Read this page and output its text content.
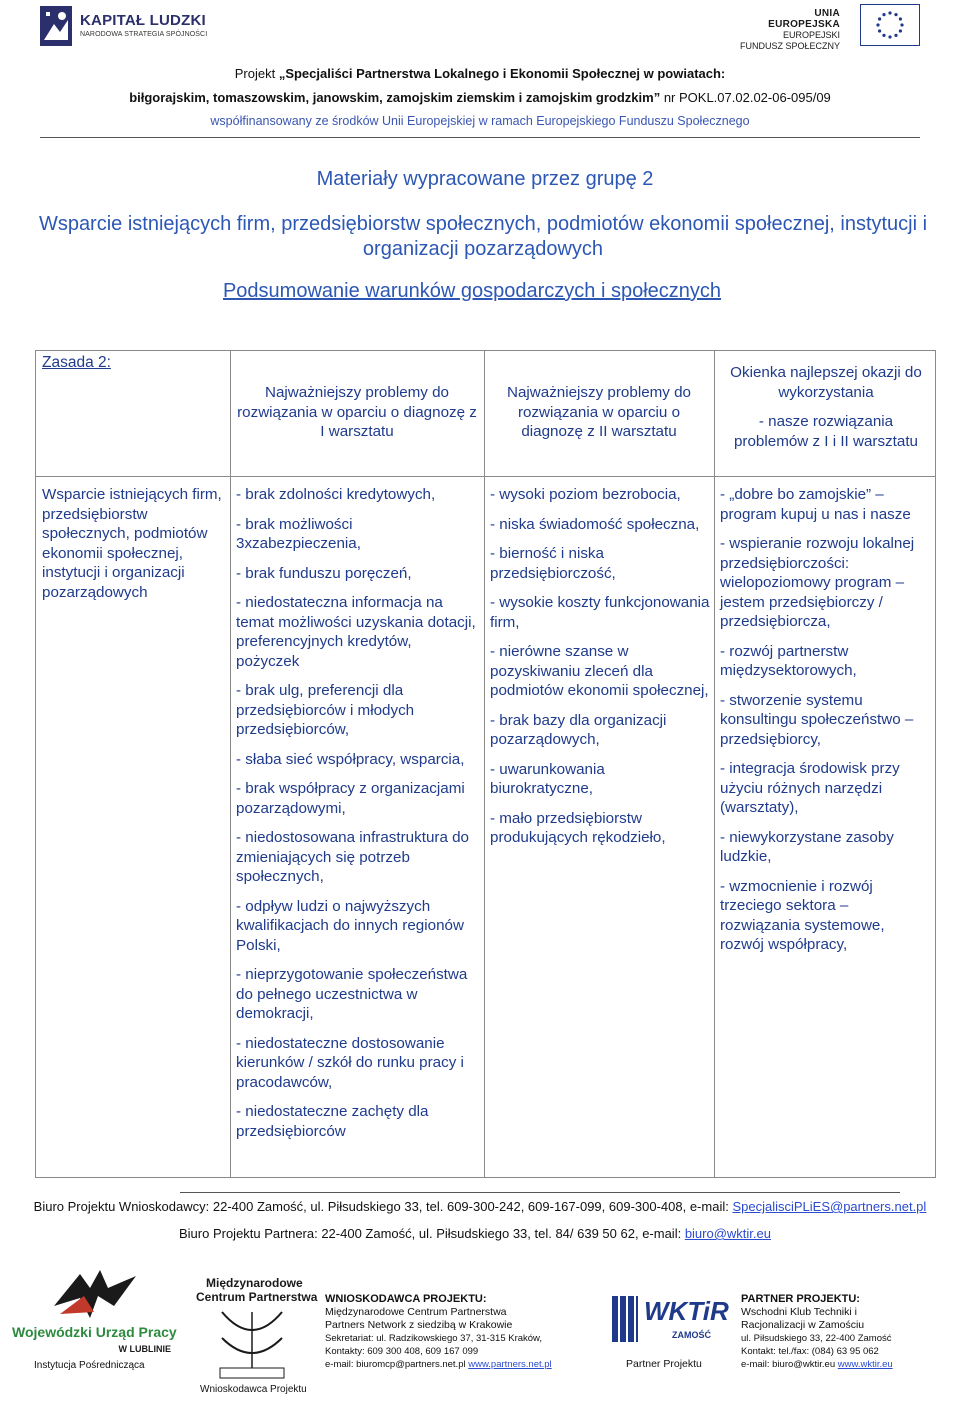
KAPITAŁ LUDZKI
NARODOWA STRATEGIA SPÓJNOŚCI
UNIA EUROPEJSKA
EUROPEJSKI
FUNDUSZ SPOŁECZNY
Projekt „Specjaliści Partnerstwa Lokalnego i Ekonomii Społecznej w powiatach:
biłgorajskim, tomaszowskim, janowskim, zamojskim ziemskim i zamojskim grodzkim” nr POKL.07.02.02-06-095/09
współfinansowany ze środków Unii Europejskiej w ramach Europejskiego Funduszu Społecznego
Materiały wypracowane przez grupę 2
Wsparcie istniejących firm, przedsiębiorstw społecznych, podmiotów ekonomii społecznej, instytucji i organizacji pozarządowych
Podsumowanie warunków gospodarczych i społecznych
Zasada 2:
Najważniejszy problemy do rozwiązania w oparciu o diagnozę z I warsztatu
Najważniejszy problemy do rozwiązania w oparciu o diagnozę z II warsztatu

Okienka najlepszej okazji do wykorzystania

- nasze rozwiązania problemów z I i II warsztatu

Wsparcie istniejących firm, przedsiębiorstw społecznych, podmiotów ekonomii społecznej, instytucji i organizacji pozarządowych

- brak zdolności kredytowych,

- brak możliwości 3xzabezpieczenia,

- brak funduszu poręczeń,

- niedostateczna informacja na temat możliwości uzyskania dotacji, preferencyjnych kredytów, pożyczek

- brak ulg, preferencji dla przedsiębiorców i młodych przedsiębiorców,

- słaba sieć współpracy, wsparcia,

- brak współpracy z organizacjami pozarządowymi,

- niedostosowana infrastruktura do zmieniających się potrzeb społecznych,

- odpływ ludzi o najwyższych kwalifikacjach do innych regionów Polski,

- nieprzygotowanie społeczeństwa do pełnego uczestnictwa w demokracji,

- niedostateczne dostosowanie kierunków / szkół do runku pracy i pracodawców,

- niedostateczne zachęty dla przedsiębiorców

- wysoki poziom bezrobocia,

- niska świadomość społeczna,

- bierność i niska przedsiębiorczość,

- wysokie koszty funkcjonowania firm,

- nierówne szanse w pozyskiwaniu zleceń dla podmiotów ekonomii społecznej,

- brak bazy dla organizacji pozarządowych,

- uwarunkowania biurokratyczne,

- mało przedsiębiorstw produkujących rękodzieło,

- „dobre bo zamojskie” – program kupuj u nas i nasze

- wspieranie rozwoju lokalnej przedsiębiorczości: wielopoziomowy program – jestem przedsiębiorczy / przedsiębiorcza,

- rozwój partnerstw międzysektorowych,

- stworzenie systemu konsultingu społeczeństwo – przedsiębiorcy,

- integracja środowisk przy użyciu różnych narzędzi (warsztaty),

- niewykorzystane zasoby ludzkie,

- wzmocnienie i rozwój trzeciego sektora – rozwiązania systemowe, rozwój współpracy,

Biuro Projektu Wnioskodawcy: 22-400 Zamość, ul. Piłsudskiego 33, tel. 609-300-242, 609-167-099, 609-300-408, e-mail: SpecjalisciPLiES@partners.net.pl
Biuro Projektu Partnera: 22-400 Zamość, ul. Piłsudskiego 33, tel. 84/ 639 50 62, e-mail: biuro@wktir.eu
Wojewódzki Urząd Pracy
W LUBLINIE
Instytucja Pośrednicząca
Międzynarodowe
Centrum Partnerstwa
Wnioskodawca Projektu
WNIOSKODAWCA PROJEKTU:
Międzynarodowe Centrum Partnerstwa
Partners Network z siedzibą w Krakowie
Sekretariat: ul. Radzikowskiego 37, 31-315 Kraków,
Kontakty: 609 300 408, 609 167 099
e-mail: biuromcp@partners.net.pl www.partners.net.pl
WKTiR
ZAMOŚĆ
Partner Projektu
PARTNER PROJEKTU:
Wschodni Klub Techniki i
Racjonalizacji w Zamościu
ul. Piłsudskiego 33, 22-400 Zamość
Kontakt: tel./fax: (084) 63 95 062
e-mail: biuro@wktir.eu www.wktir.eu
